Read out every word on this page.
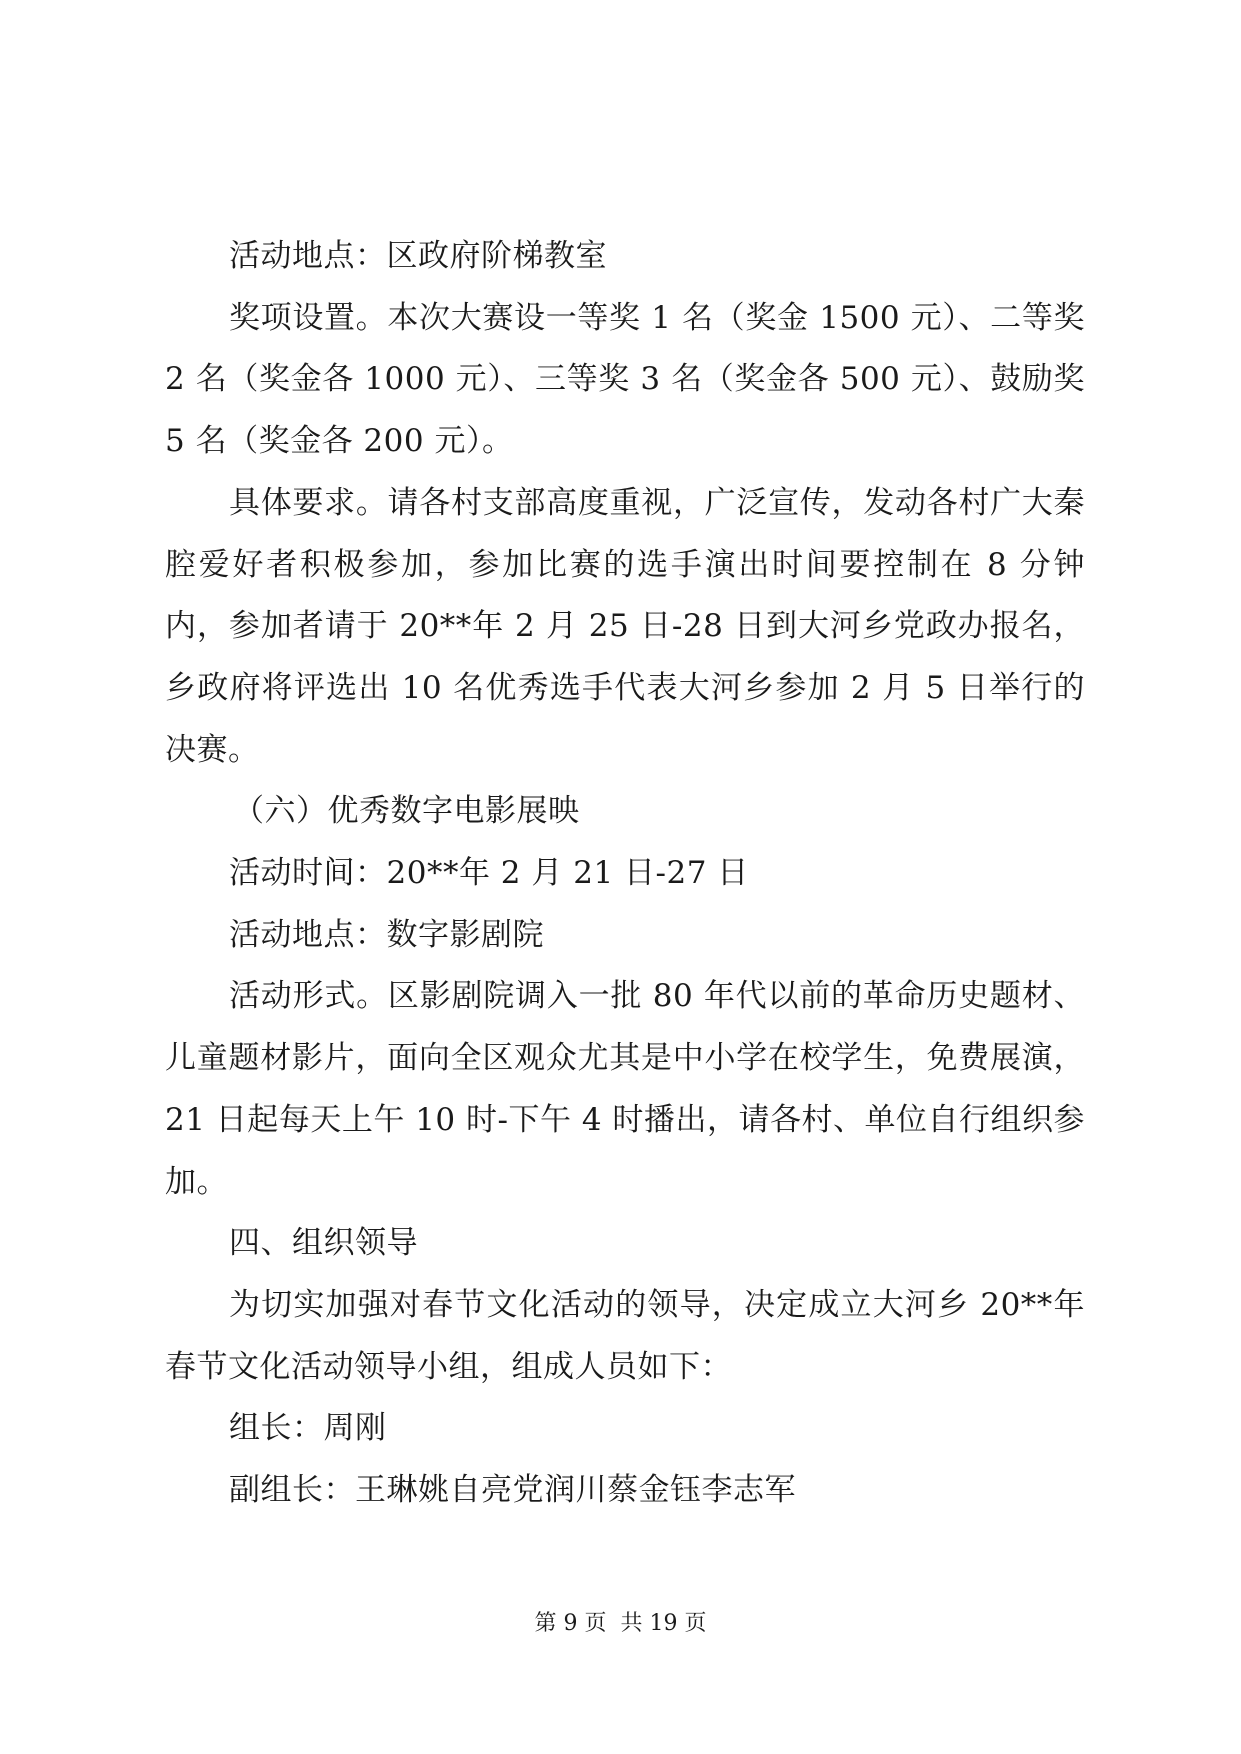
活动地点：区政府阶梯教室

奖项设置。本次大赛设一等奖 1 名（奖金 1500 元）、二等奖 2 名（奖金各 1000 元）、三等奖 3 名（奖金各 500 元）、鼓励奖 5 名（奖金各 200 元）。

具体要求。请各村支部高度重视，广泛宣传，发动各村广大秦腔爱好者积极参加，参加比赛的选手演出时间要控制在 8 分钟内，参加者请于 20**年 2 月 25 日-28 日到大河乡党政办报名，乡政府将评选出 10 名优秀选手代表大河乡参加 2 月 5 日举行的决赛。

（六）优秀数字电影展映

活动时间：20**年 2 月 21 日-27 日

活动地点：数字影剧院

活动形式。区影剧院调入一批 80 年代以前的革命历史题材、儿童题材影片，面向全区观众尤其是中小学在校学生，免费展演，21 日起每天上午 10 时-下午 4 时播出，请各村、单位自行组织参加。

四、组织领导

为切实加强对春节文化活动的领导，决定成立大河乡 20**年春节文化活动领导小组，组成人员如下：

组长：周刚

副组长：王琳姚自亮党润川蔡金钰李志军

第 9 页 共 19 页
